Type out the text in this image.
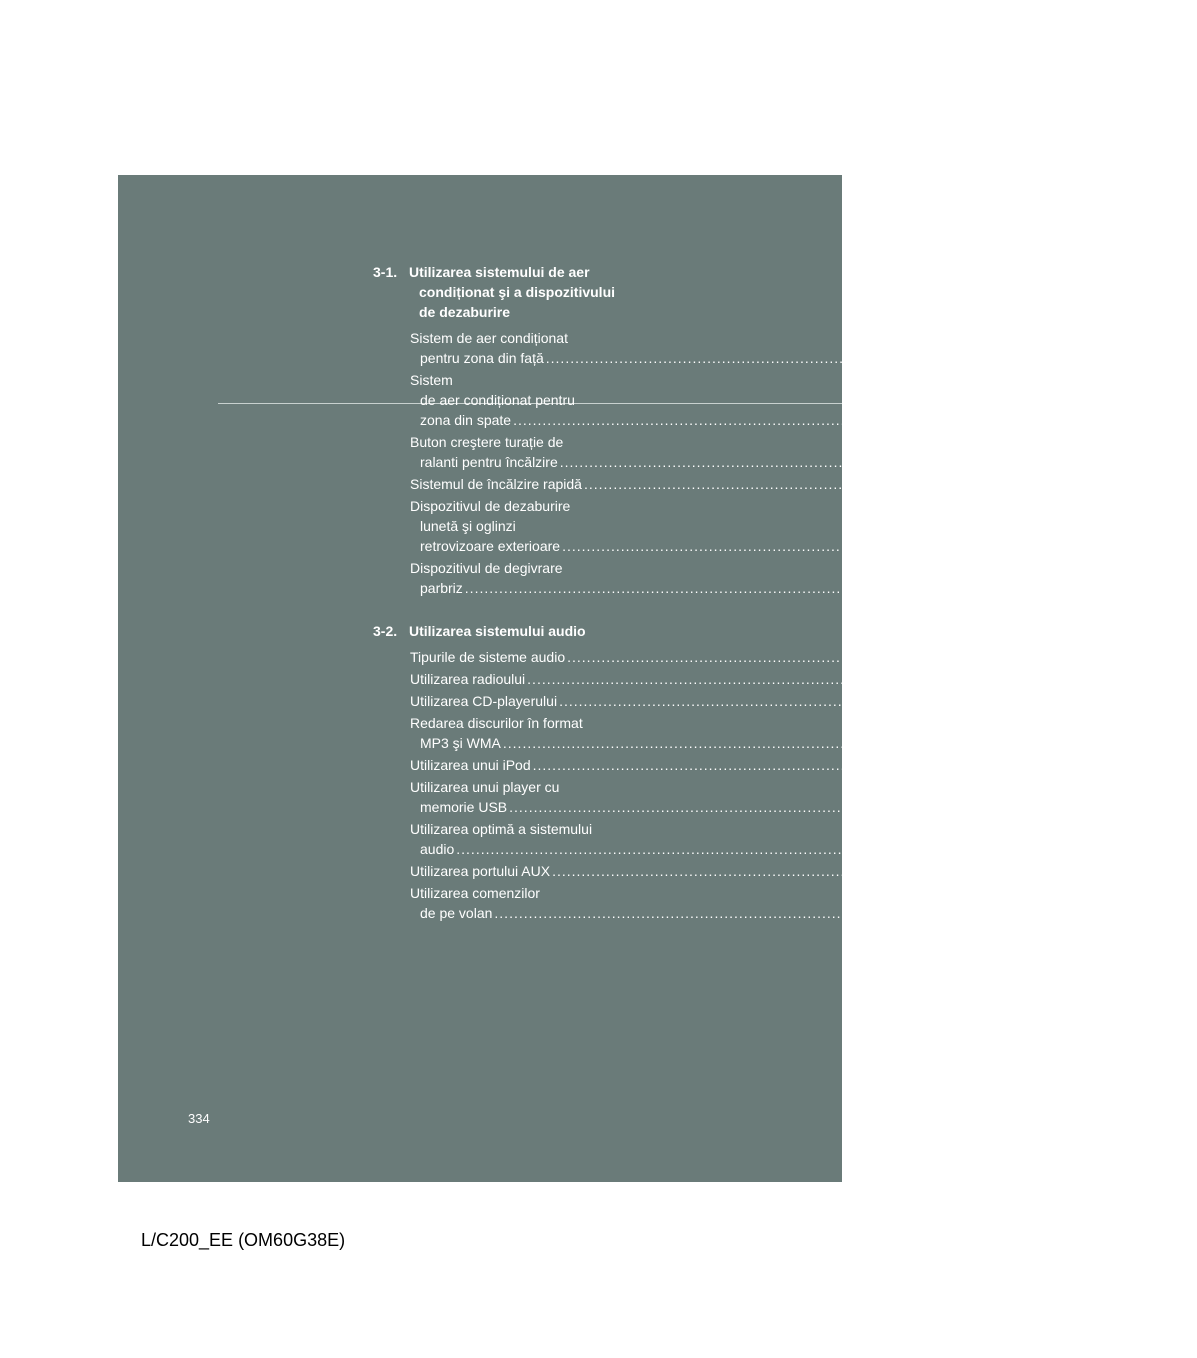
334
3-1. Utilizarea sistemului de aer
condiționat şi a dispozitivului
de dezaburire
Sistem de aer condiționat
pentru zona din față ........................................................................................................................ 336
Sistem
de aer condiționat pentru
zona din spate ........................................................................................................................ 350
Buton creştere turație de
ralanti pentru încălzire ........................................................................................................................ 354
Sistemul de încălzire rapidă ........................................................................................................................ 355
Dispozitivul de dezaburire
lunetă şi oglinzi
retrovizoare exterioare ........................................................................................................................ 356
Dispozitivul de degivrare
parbriz ........................................................................................................................ 358
3-2. Utilizarea sistemului audio
Tipurile de sisteme audio ........................................................................................................................ 360
Utilizarea radioului ........................................................................................................................ 362
Utilizarea CD-playerului ........................................................................................................................ 366
Redarea discurilor în format
MP3 şi WMA ........................................................................................................................ 373
Utilizarea unui iPod ........................................................................................................................ 380
Utilizarea unui player cu
memorie USB ........................................................................................................................ 388
Utilizarea optimă a sistemului
audio ........................................................................................................................ 396
Utilizarea portului AUX ........................................................................................................................ 398
Utilizarea comenzilor
de pe volan ........................................................................................................................ 399
L/C200_EE (OM60G38E)
